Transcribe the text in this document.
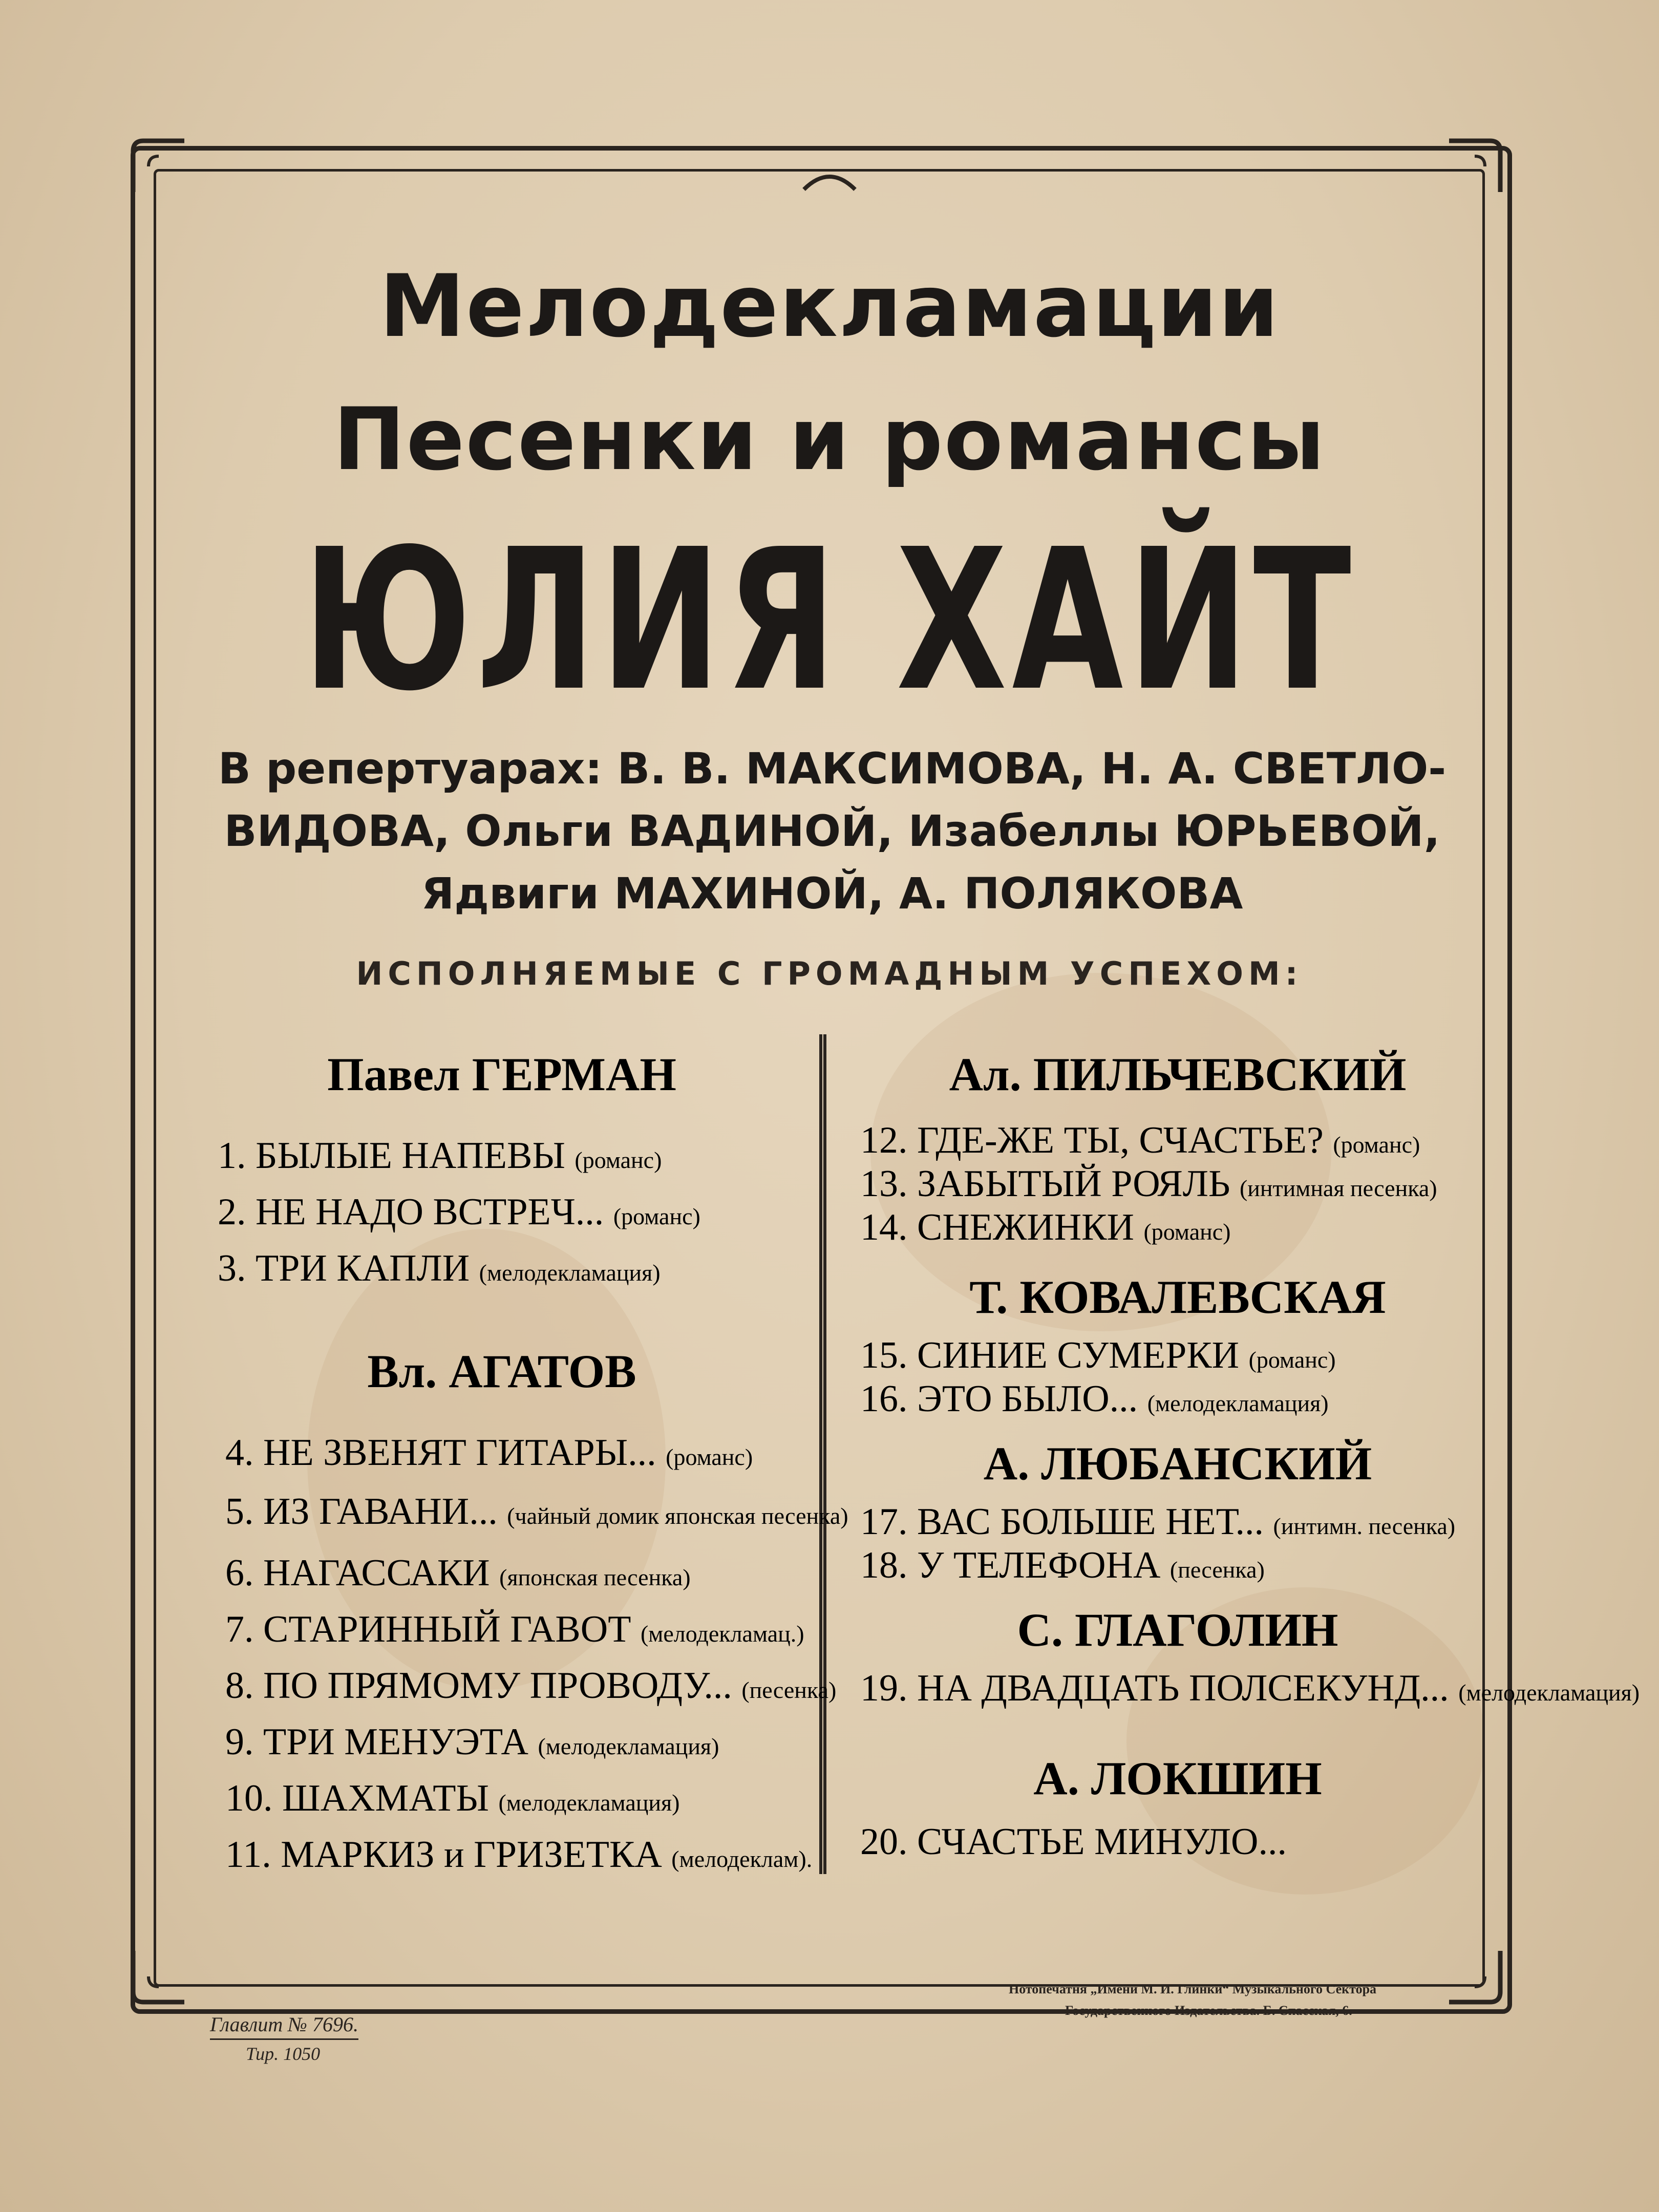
Мелодекламации
Песенки и романсы
ЮЛИЯ ХАЙТ
В репертуарах: В. В. МАКСИМОВА, Н. А. СВЕТЛО-
ВИДОВА, Ольги ВАДИНОЙ, Изабеллы ЮРЬЕВОЙ,
Ядвиги МАХИНОЙ, А. ПОЛЯКОВА
ИСПОЛНЯЕМЫЕ С ГРОМАДНЫМ УСПЕХОМ:
Павел ГЕРМАН
1. БЫЛЫЕ НАПЕВЫ (романс)
2. НЕ НАДО ВСТРЕЧ... (романс)
3. ТРИ КАПЛИ (мелодекламация)
Вл. АГАТОВ
4. НЕ ЗВЕНЯТ ГИТАРЫ... (романс)
5. ИЗ ГАВАНИ... (чайный домик японская песенка)
6. НАГАССАКИ (японская песенка)
7. СТАРИННЫЙ ГАВОТ (мелодекламац.)
8. ПО ПРЯМОМУ ПРОВОДУ... (песенка)
9. ТРИ МЕНУЭТА (мелодекламация)
10. ШАХМАТЫ (мелодекламация)
11. МАРКИЗ и ГРИЗЕТКА (мелодеклам).
Ал. ПИЛЬЧЕВСКИЙ
12. ГДЕ-ЖЕ ТЫ, СЧАСТЬЕ? (романс)
13. ЗАБЫТЫЙ РОЯЛЬ (интимная песенка)
14. СНЕЖИНКИ (романс)
Т. КОВАЛЕВСКАЯ
15. СИНИЕ СУМЕРКИ (романс)
16. ЭТО БЫЛО... (мелодекламация)
А. ЛЮБАНСКИЙ
17. ВАС БОЛЬШЕ НЕТ... (интимн. песенка)
18. У ТЕЛЕФОНА (песенка)
С. ГЛАГОЛИН
19. НА ДВАДЦАТЬ ПОЛСЕКУНД... (мелодекламация)
А. ЛОКШИН
20. СЧАСТЬЕ МИНУЛО...
Главлит № 7696.
Тир. 1050
Нотопечатня „Имени М. И. Глинки“ Музыкального Сектора
Государственного Издательства. Б. Спасская, 6.
